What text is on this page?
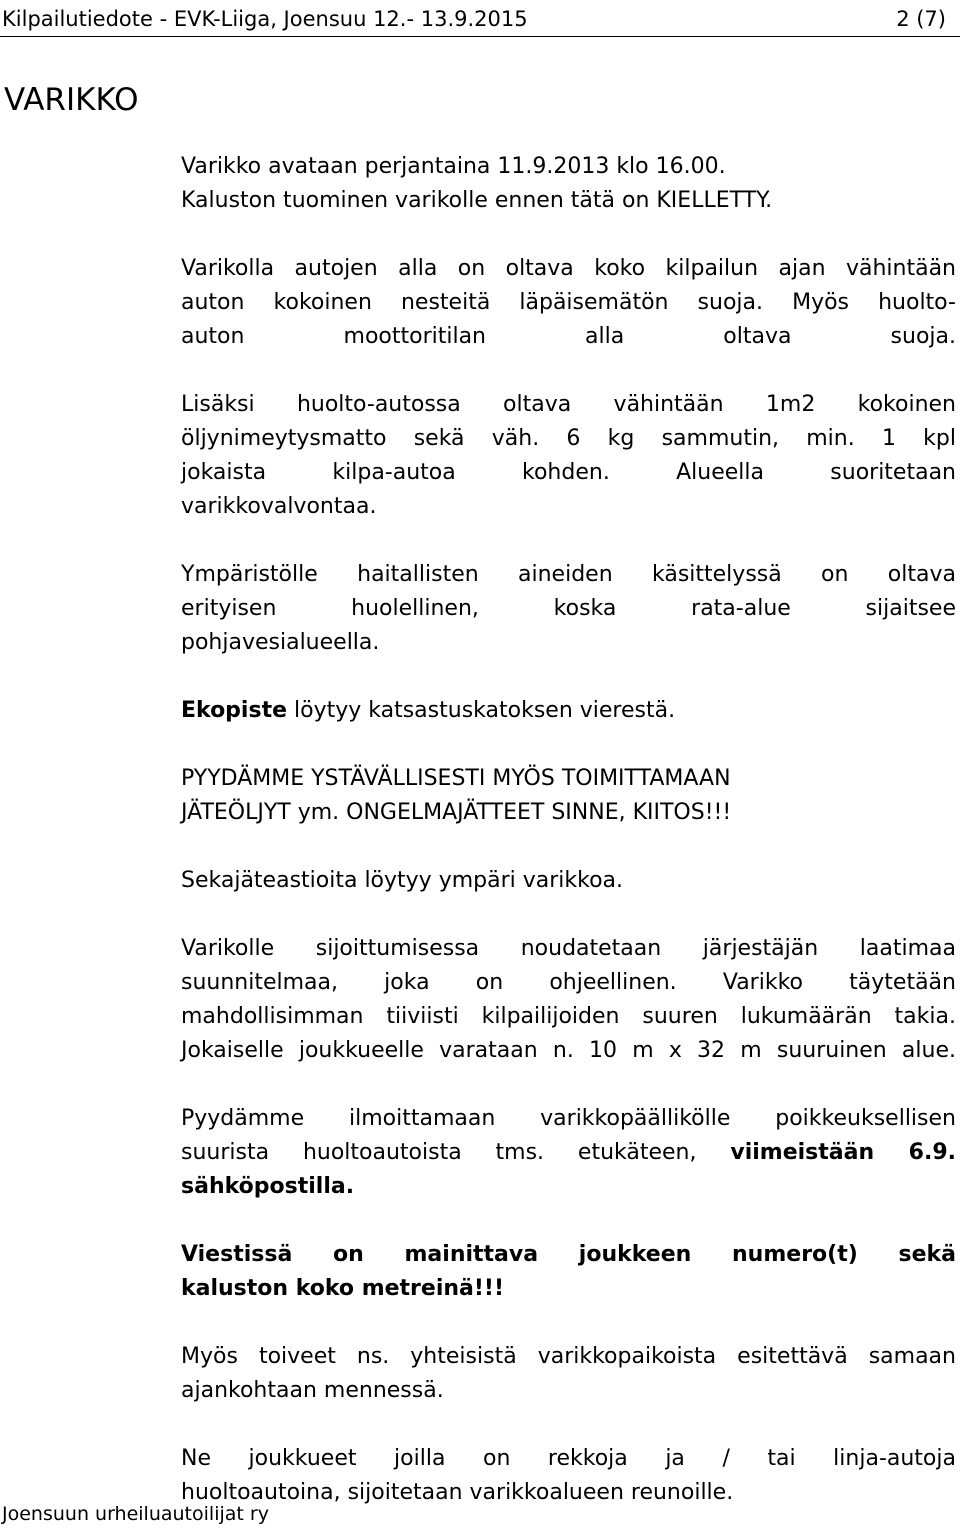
Kilpailutiedote - EVK-Liiga, Joensuu 12.- 13.9.2015	2 (7)
VARIKKO

Varikko avataan perjantaina 11.9.2013 klo 16.00.
Kaluston tuominen varikolle ennen tätä on KIELLETTY.

Varikolla autojen alla on oltava koko kilpailun ajan vähintään
auton kokoinen nesteitä läpäisemätön suoja. Myös huolto-
auton moottoritilan alla oltava suoja.

Lisäksi huolto-autossa oltava vähintään 1m2 kokoinen
öljynimeytysmatto sekä väh. 6 kg sammutin, min. 1 kpl
jokaista kilpa-autoa kohden. Alueella suoritetaan
varikkovalvontaa.
Ympäristölle haitallisten aineiden käsittelyssä on oltava
erityisen huolellinen, koska rata-alue sijaitsee
pohjavesialueella.

Ekopiste löytyy katsastuskatoksen vierestä.

PYYDÄMME YSTÄVÄLLISESTI MYÖS TOIMITTAMAAN
JÄTEÖLJYT ym. ONGELMAJÄTTEET SINNE, KIITOS!!!

Sekajäteastioita löytyy ympäri varikkoa.

Varikolle sijoittumisessa noudatetaan järjestäjän laatimaa
suunnitelmaa, joka on ohjeellinen. Varikko täytetään
mahdollisimman tiiviisti kilpailijoiden suuren lukumäärän takia.
Jokaiselle joukkueelle varataan n. 10 m x 32 m suuruinen alue.
Pyydämme ilmoittamaan varikkopäällikölle poikkeuksellisen
suurista huoltoautoista tms. etukäteen, viimeistään 6.9.
sähköpostilla.
Viestissä on mainittava joukkeen numero(t) sekä
kaluston koko metreinä!!!
Myös toiveet ns. yhteisistä varikkopaikoista esitettävä samaan
ajankohtaan mennessä.
Ne joukkueet joilla on rekkoja ja / tai linja-autoja
huoltoautoina, sijoitetaan varikkoalueen reunoille.
Joensuun urheiluautoilijat ry
